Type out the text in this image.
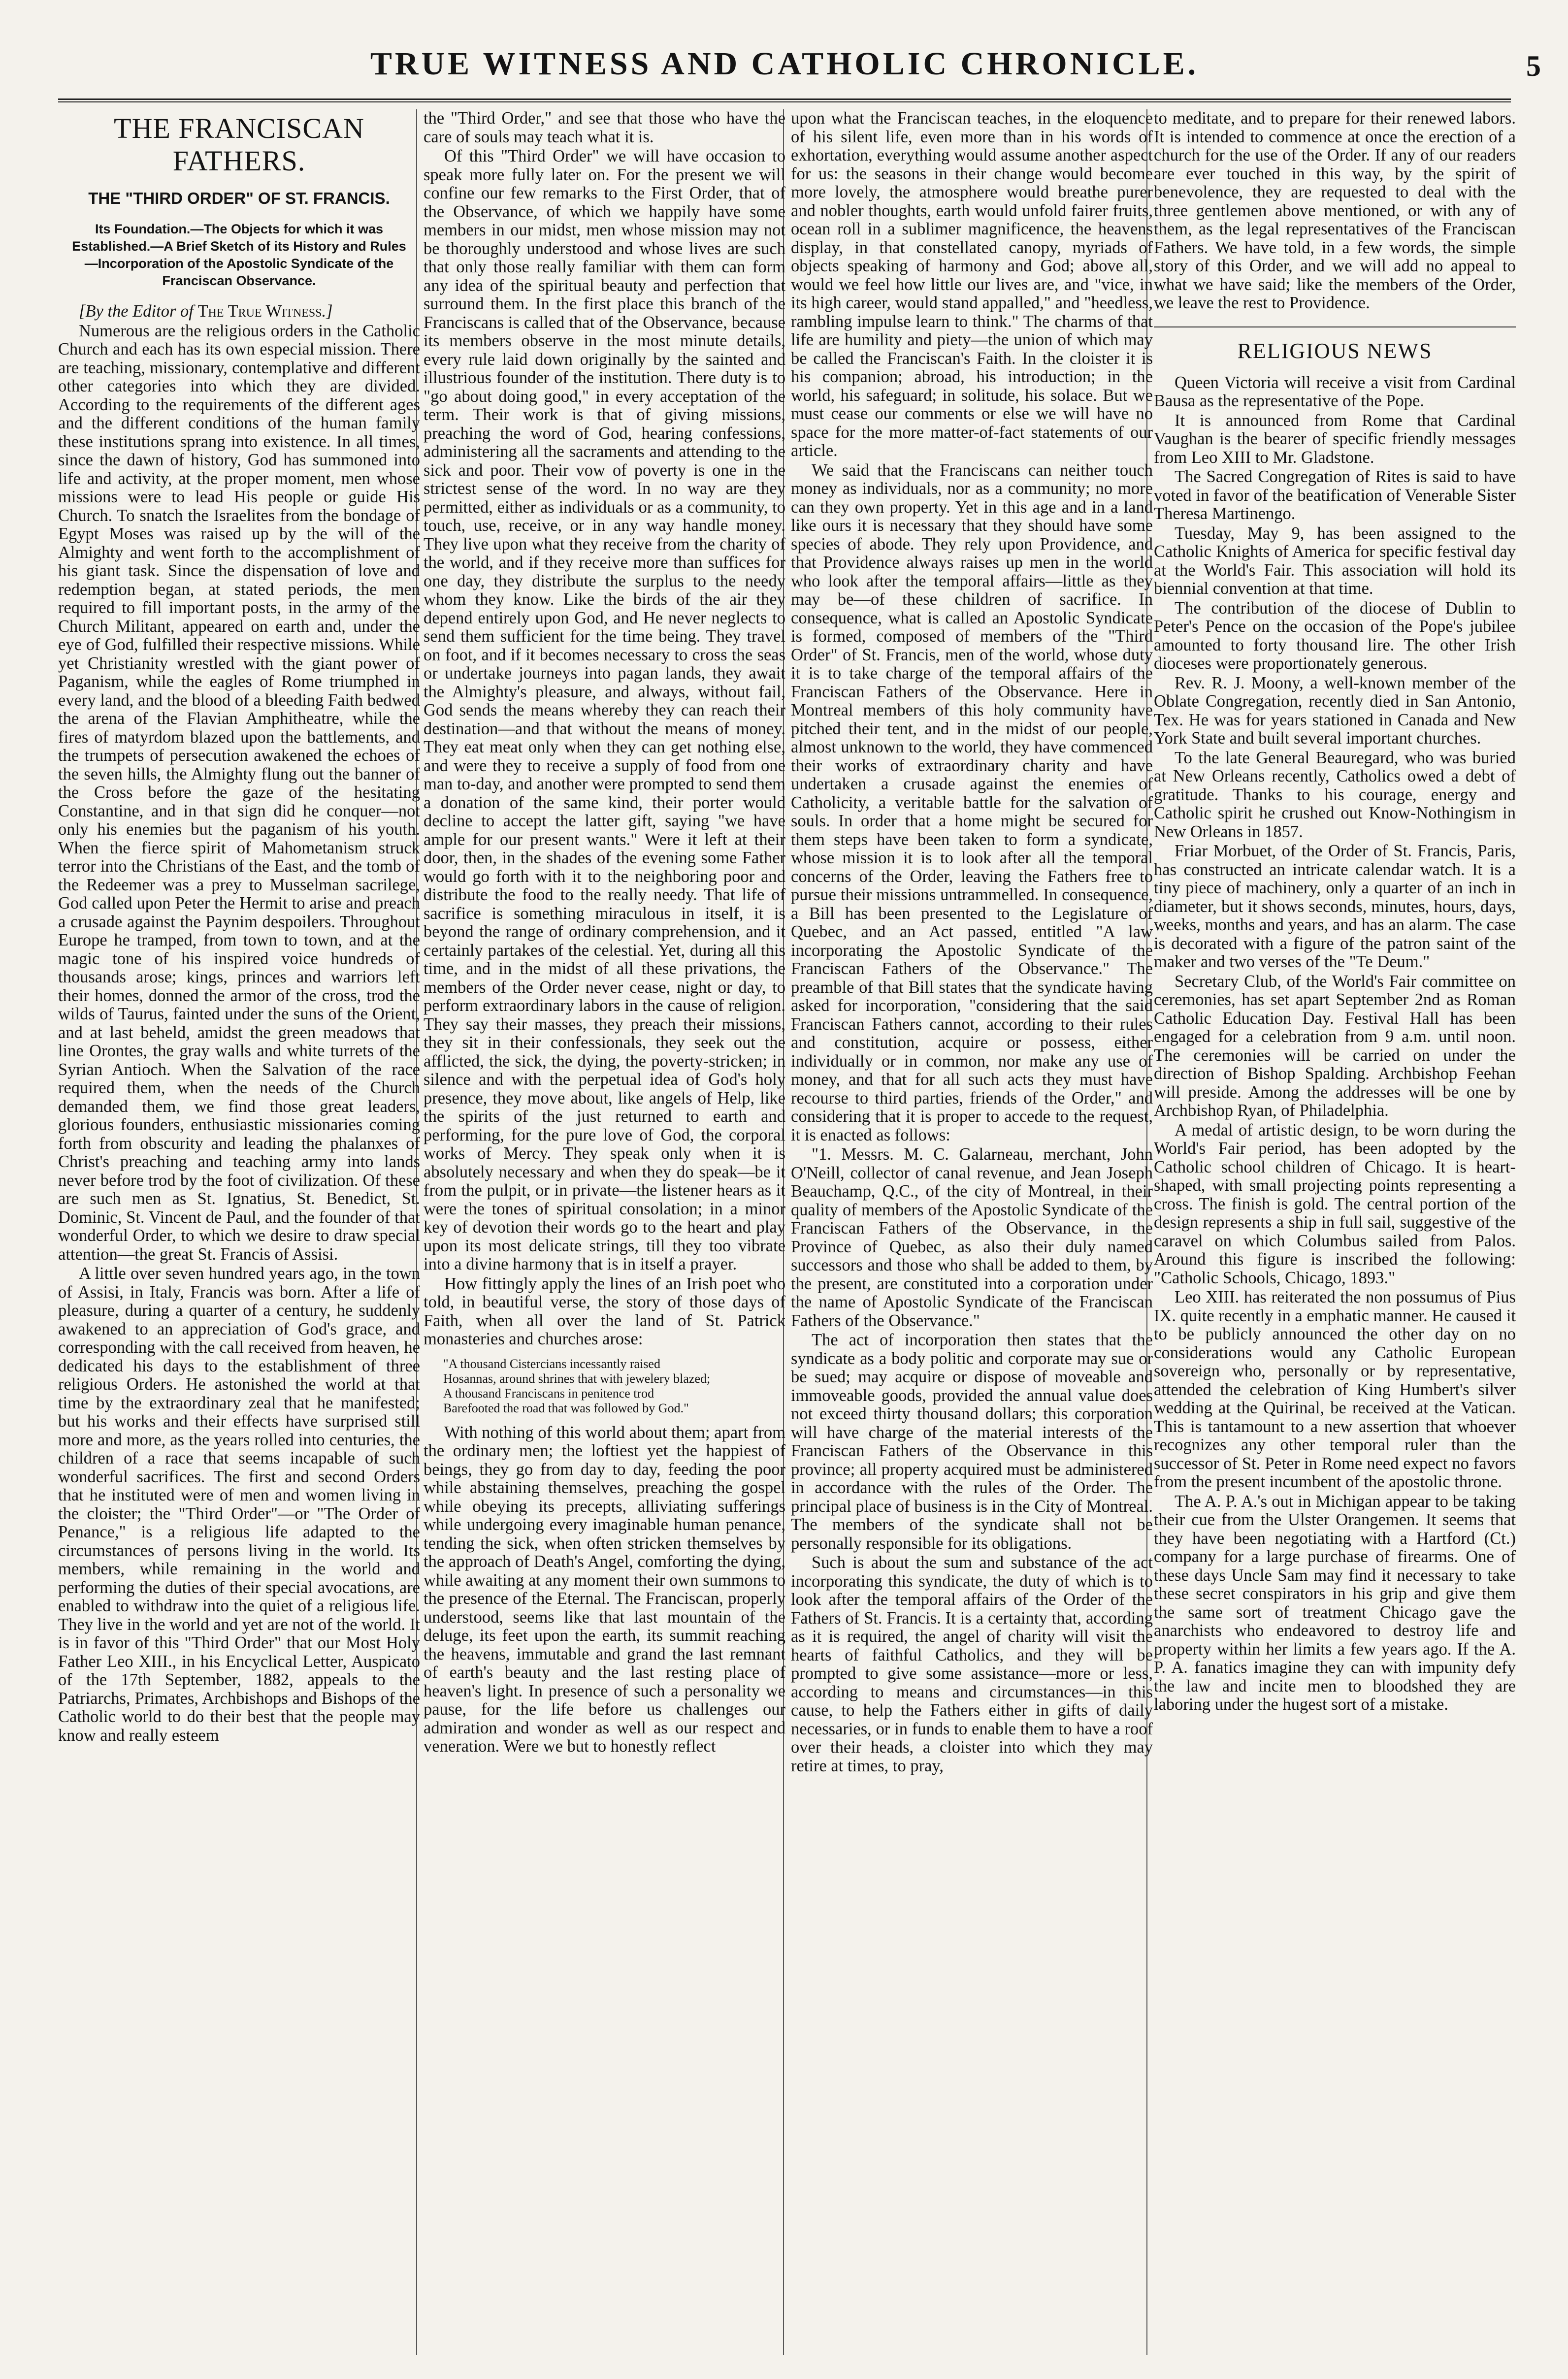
TRUE WITNESS AND CATHOLIC CHRONICLE.	5
THE FRANCISCAN FATHERS.
THE "THIRD ORDER" OF ST. FRANCIS.
Its Foundation.—The Objects for which it was Established.—A Brief Sketch of its History and Rules—Incorporation of the Apostolic Syndicate of the Franciscan Observance.

[By the Editor of The True Witness.]

Numerous are the religious orders in the Catholic Church and each has its own especial mission. There are teaching, missionary, contemplative and different other categories into which they are divided. According to the requirements of the different ages and the different conditions of the human family these institutions sprang into existence. In all times, since the dawn of history, God has summoned into life and activity, at the proper moment, men whose missions were to lead His people or guide His Church. To snatch the Israelites from the bondage of Egypt Moses was raised up by the will of the Almighty and went forth to the accomplishment of his giant task. Since the dispensation of love and redemption began, at stated periods, the men required to fill important posts, in the army of the Church Militant, appeared on earth and, under the eye of God, fulfilled their respective missions. While yet Christianity wrestled with the giant power of Paganism, while the eagles of Rome triumphed in every land, and the blood of a bleeding Faith bedwed the arena of the Flavian Amphitheatre, while the fires of matyrdom blazed upon the battlements, and the trumpets of persecution awakened the echoes of the seven hills, the Almighty flung out the banner of the Cross before the gaze of the hesitating Constantine, and in that sign did he conquer—not only his enemies but the paganism of his youth. When the fierce spirit of Mahometanism struck terror into the Christians of the East, and the tomb of the Redeemer was a prey to Musselman sacrilege, God called upon Peter the Hermit to arise and preach a crusade against the Paynim despoilers. Throughout Europe he tramped, from town to town, and at the magic tone of his inspired voice hundreds of thousands arose; kings, princes and warriors left their homes, donned the armor of the cross, trod the wilds of Taurus, fainted under the suns of the Orient, and at last beheld, amidst the green meadows that line Orontes, the gray walls and white turrets of the Syrian Antioch. When the Salvation of the race required them, when the needs of the Church demanded them, we find those great leaders, glorious founders, enthusiastic missionaries coming forth from obscurity and leading the phalanxes of Christ's preaching and teaching army into lands never before trod by the foot of civilization. Of these are such men as St. Ignatius, St. Benedict, St. Dominic, St. Vincent de Paul, and the founder of that wonderful Order, to which we desire to draw special attention—the great St. Francis of Assisi.

A little over seven hundred years ago, in the town of Assisi, in Italy, Francis was born. After a life of pleasure, during a quarter of a century, he suddenly awakened to an appreciation of God's grace, and corresponding with the call received from heaven, he dedicated his days to the establishment of three religious Orders. He astonished the world at that time by the extraordinary zeal that he manifested; but his works and their effects have surprised still more and more, as the years rolled into centuries, the children of a race that seems incapable of such wonderful sacrifices. The first and second Orders that he instituted were of men and women living in the cloister; the "Third Order"—or "The Order of Penance," is a religious life adapted to the circumstances of persons living in the world. Its members, while remaining in the world and performing the duties of their special avocations, are enabled to withdraw into the quiet of a religious life. They live in the world and yet are not of the world. It is in favor of this "Third Order" that our Most Holy Father Leo XIII., in his Encyclical Letter, Auspicato of the 17th September, 1882, appeals to the Patriarchs, Primates, Archbishops and Bishops of the Catholic world to do their best that the people may know and really esteem

the "Third Order," and see that those who have the care of souls may teach what it is.

Of this "Third Order" we will have occasion to speak more fully later on. For the present we will confine our few remarks to the First Order, that of the Observance, of which we happily have some members in our midst, men whose mission may not be thoroughly understood and whose lives are such that only those really familiar with them can form any idea of the spiritual beauty and perfection that surround them. In the first place this branch of the Franciscans is called that of the Observance, because its members observe in the most minute details, every rule laid down originally by the sainted and illustrious founder of the institution. There duty is to "go about doing good," in every acceptation of the term. Their work is that of giving missions, preaching the word of God, hearing confessions, administering all the sacraments and attending to the sick and poor. Their vow of poverty is one in the strictest sense of the word. In no way are they permitted, either as individuals or as a community, to touch, use, receive, or in any way handle money. They live upon what they receive from the charity of the world, and if they receive more than suffices for one day, they distribute the surplus to the needy whom they know. Like the birds of the air they depend entirely upon God, and He never neglects to send them sufficient for the time being. They travel on foot, and if it becomes necessary to cross the seas or undertake journeys into pagan lands, they await the Almighty's pleasure, and always, without fail, God sends the means whereby they can reach their destination—and that without the means of money. They eat meat only when they can get nothing else, and were they to receive a supply of food from one man to-day, and another were prompted to send them a donation of the same kind, their porter would decline to accept the latter gift, saying "we have ample for our present wants." Were it left at their door, then, in the shades of the evening some Father would go forth with it to the neighboring poor and distribute the food to the really needy. That life of sacrifice is something miraculous in itself, it is beyond the range of ordinary comprehension, and it certainly partakes of the celestial. Yet, during all this time, and in the midst of all these privations, the members of the Order never cease, night or day, to perform extraordinary labors in the cause of religion. They say their masses, they preach their missions, they sit in their confessionals, they seek out the afflicted, the sick, the dying, the poverty-stricken; in silence and with the perpetual idea of God's holy presence, they move about, like angels of Help, like the spirits of the just returned to earth and performing, for the pure love of God, the corporal works of Mercy. They speak only when it is absolutely necessary and when they do speak—be it from the pulpit, or in private—the listener hears as it were the tones of spiritual consolation; in a minor key of devotion their words go to the heart and play upon its most delicate strings, till they too vibrate into a divine harmony that is in itself a prayer.

How fittingly apply the lines of an Irish poet who told, in beautiful verse, the story of those days of Faith, when all over the land of St. Patrick monasteries and churches arose:

"A thousand Cistercians incessantly raised
Hosannas, around shrines that with jewelery blazed;
A thousand Franciscans in penitence trod
Barefooted the road that was followed by God."

With nothing of this world about them; apart from the ordinary men; the loftiest yet the happiest of beings, they go from day to day, feeding the poor while abstaining themselves, preaching the gospel while obeying its precepts, alliviating sufferings while undergoing every imaginable human penance, tending the sick, when often stricken themselves by the approach of Death's Angel, comforting the dying, while awaiting at any moment their own summons to the presence of the Eternal. The Franciscan, properly understood, seems like that last mountain of the deluge, its feet upon the earth, its summit reaching the heavens, immutable and grand the last remnant of earth's beauty and the last resting place of heaven's light. In presence of such a personality we pause, for the life before us challenges our admiration and wonder as well as our respect and veneration. Were we but to honestly reflect

upon what the Franciscan teaches, in the eloquence of his silent life, even more than in his words of exhortation, everything would assume another aspect for us: the seasons in their change would become more lovely, the atmosphere would breathe purer and nobler thoughts, earth would unfold fairer fruits, ocean roll in a sublimer magnificence, the heavens display, in that constellated canopy, myriads of objects speaking of harmony and God; above all, would we feel how little our lives are, and "vice, in its high career, would stand appalled," and "heedless, rambling impulse learn to think." The charms of that life are humility and piety—the union of which may be called the Franciscan's Faith. In the cloister it is his companion; abroad, his introduction; in the world, his safeguard; in solitude, his solace. But we must cease our comments or else we will have no space for the more matter-of-fact statements of our article.

We said that the Franciscans can neither touch money as individuals, nor as a community; no more can they own property. Yet in this age and in a land like ours it is necessary that they should have some species of abode. They rely upon Providence, and that Providence always raises up men in the world who look after the temporal affairs—little as they may be—of these children of sacrifice. In consequence, what is called an Apostolic Syndicate is formed, composed of members of the "Third Order" of St. Francis, men of the world, whose duty it is to take charge of the temporal affairs of the Franciscan Fathers of the Observance. Here in Montreal members of this holy community have pitched their tent, and in the midst of our people, almost unknown to the world, they have commenced their works of extraordinary charity and have undertaken a crusade against the enemies of Catholicity, a veritable battle for the salvation of souls. In order that a home might be secured for them steps have been taken to form a syndicate, whose mission it is to look after all the temporal concerns of the Order, leaving the Fathers free to pursue their missions untrammelled. In consequence, a Bill has been presented to the Legislature of Quebec, and an Act passed, entitled "A law incorporating the Apostolic Syndicate of the Franciscan Fathers of the Observance." The preamble of that Bill states that the syndicate having asked for incorporation, "considering that the said Franciscan Fathers cannot, according to their rules and constitution, acquire or possess, either individually or in common, nor make any use of money, and that for all such acts they must have recourse to third parties, friends of the Order," and considering that it is proper to accede to the request, it is enacted as follows:

"1. Messrs. M. C. Galarneau, merchant, John O'Neill, collector of canal revenue, and Jean Joseph Beauchamp, Q.C., of the city of Montreal, in their quality of members of the Apostolic Syndicate of the Franciscan Fathers of the Observance, in the Province of Quebec, as also their duly named successors and those who shall be added to them, by the present, are constituted into a corporation under the name of Apostolic Syndicate of the Franciscan Fathers of the Observance."

The act of incorporation then states that the syndicate as a body politic and corporate may sue or be sued; may acquire or dispose of moveable and immoveable goods, provided the annual value does not exceed thirty thousand dollars; this corporation will have charge of the material interests of the Franciscan Fathers of the Observance in this province; all property acquired must be administered in accordance with the rules of the Order. The principal place of business is in the City of Montreal. The members of the syndicate shall not be personally responsible for its obligations.

Such is about the sum and substance of the act incorporating this syndicate, the duty of which is to look after the temporal affairs of the Order of the Fathers of St. Francis. It is a certainty that, according as it is required, the angel of charity will visit the hearts of faithful Catholics, and they will be prompted to give some assistance—more or less, according to means and circumstances—in this cause, to help the Fathers either in gifts of daily necessaries, or in funds to enable them to have a roof over their heads, a cloister into which they may retire at times, to pray,

to meditate, and to prepare for their renewed labors. It is intended to commence at once the erection of a church for the use of the Order. If any of our readers are ever touched in this way, by the spirit of benevolence, they are requested to deal with the three gentlemen above mentioned, or with any of them, as the legal representatives of the Franciscan Fathers. We have told, in a few words, the simple story of this Order, and we will add no appeal to what we have said; like the members of the Order, we leave the rest to Providence.

RELIGIOUS NEWS

Queen Victoria will receive a visit from Cardinal Bausa as the representative of the Pope.

It is announced from Rome that Cardinal Vaughan is the bearer of specific friendly messages from Leo XIII to Mr. Gladstone.

The Sacred Congregation of Rites is said to have voted in favor of the beatification of Venerable Sister Theresa Martinengo.

Tuesday, May 9, has been assigned to the Catholic Knights of America for specific festival day at the World's Fair. This association will hold its biennial convention at that time.

The contribution of the diocese of Dublin to Peter's Pence on the occasion of the Pope's jubilee amounted to forty thousand lire. The other Irish dioceses were proportionately generous.

Rev. R. J. Moony, a well-known member of the Oblate Congregation, recently died in San Antonio, Tex. He was for years stationed in Canada and New York State and built several important churches.

To the late General Beauregard, who was buried at New Orleans recently, Catholics owed a debt of gratitude. Thanks to his courage, energy and Catholic spirit he crushed out Know-Nothingism in New Orleans in 1857.

Friar Morbuet, of the Order of St. Francis, Paris, has constructed an intricate calendar watch. It is a tiny piece of machinery, only a quarter of an inch in diameter, but it shows seconds, minutes, hours, days, weeks, months and years, and has an alarm. The case is decorated with a figure of the patron saint of the maker and two verses of the "Te Deum."

Secretary Club, of the World's Fair committee on ceremonies, has set apart September 2nd as Roman Catholic Education Day. Festival Hall has been engaged for a celebration from 9 a.m. until noon. The ceremonies will be carried on under the direction of Bishop Spalding. Archbishop Feehan will preside. Among the addresses will be one by Archbishop Ryan, of Philadelphia.

A medal of artistic design, to be worn during the World's Fair period, has been adopted by the Catholic school children of Chicago. It is heart-shaped, with small projecting points representing a cross. The finish is gold. The central portion of the design represents a ship in full sail, suggestive of the caravel on which Columbus sailed from Palos. Around this figure is inscribed the following: "Catholic Schools, Chicago, 1893."

Leo XIII. has reiterated the non possumus of Pius IX. quite recently in a emphatic manner. He caused it to be publicly announced the other day on no considerations would any Catholic European sovereign who, personally or by representative, attended the celebration of King Humbert's silver wedding at the Quirinal, be received at the Vatican. This is tantamount to a new assertion that whoever recognizes any other temporal ruler than the successor of St. Peter in Rome need expect no favors from the present incumbent of the apostolic throne.

The A. P. A.'s out in Michigan appear to be taking their cue from the Ulster Orangemen. It seems that they have been negotiating with a Hartford (Ct.) company for a large purchase of firearms. One of these days Uncle Sam may find it necessary to take these secret conspirators in his grip and give them the same sort of treatment Chicago gave the anarchists who endeavored to destroy life and property within her limits a few years ago. If the A. P. A. fanatics imagine they can with impunity defy the law and incite men to bloodshed they are laboring under the hugest sort of a mistake.
